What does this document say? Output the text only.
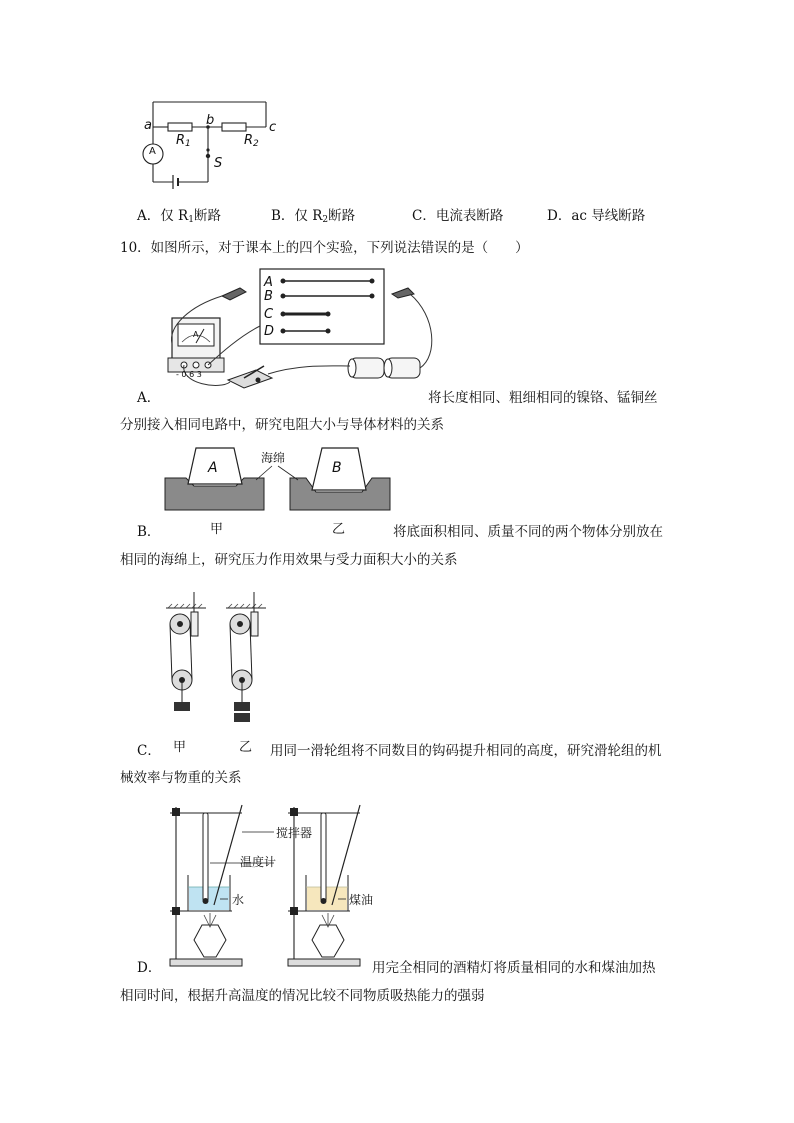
a	b	c
$R_1$	$R_2$
S
A
A．仅 $R_1$断路	B．仅 $R_2$断路	C．电流表断路	D．ac 导线断路
10．如图所示，对于课本上的四个实验，下列说法错误的是（　　）
A
B
C
D
A
- 0.6 3
A．	将长度相同、粗细相同的镍铬、锰铜丝
分别接入相同电路中，研究电阻大小与导体材料的关系
A	B
海绵
甲	乙
B．	将底面积相同、质量不同的两个物体分别放在
相同的海绵上，研究压力作用效果与受力面积大小的关系
甲	乙
C．	用同一滑轮组将不同数目的钩码提升相同的高度，研究滑轮组的机
械效率与物重的关系
搅拌器
温度计
水	煤油
D．	用完全相同的酒精灯将质量相同的水和煤油加热
相同时间，根据升高温度的情况比较不同物质吸热能力的强弱
